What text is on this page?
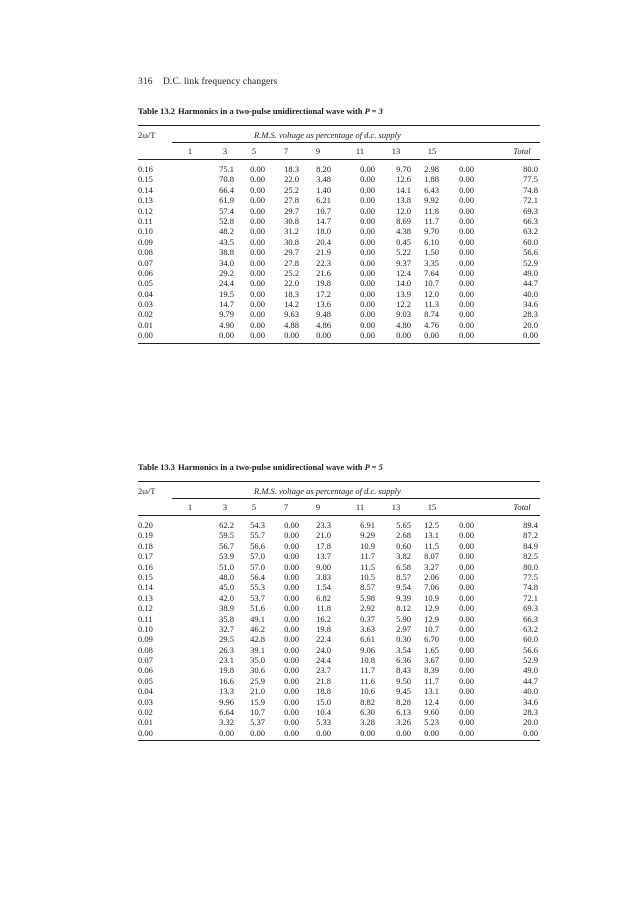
316 D.C. link frequency changers
Table 13.2 Harmonics in a two-pulse unidirectional wave with P = 3
2ω/T	R.M.S. voltage as percentage of d.c. supply
1	3	5	7	9	11	13	15	Total
0.16	75.1 0.00 18.3 8.20	0.00 9.70 2.98 0.00	80.0
0.15	70.8 0.00 22.0 3.48	0.00 12.6 1.88 0.00	77.5
0.14	66.4 0.00 25.2 1.40	0.00 14.1 6.43 0.00	74.8
0.13	61.9 0.00 27.8 6.21	0.00 13.8 9.92 0.00	72.1
0.12	57.4 0.00 29.7 10.7	0.00 12.0 11.8 0.00	69.3
0.11	52.8 0.00 30.8 14.7	0.00 8.69 11.7 0.00	66.3
0.10	48.2 0.00 31.2 18.0	0.00 4.38 9.70 0.00	63.2
0.09	43.5 0.00 30.8 20.4	0.00 0.45 6.10 0.00	60.0
0.08	38.8 0.00 29.7 21.9	0.00 5.22 1.50 0.00	56.6
0.07	34.0 0.00 27.8 22.3	0.00 9.37 3.35 0.00	52.9
0.06	29.2 0.00 25.2 21.6	0.00 12.4 7.64 0.00	49.0
0.05	24.4 0.00 22.0 19.8	0.00 14.0 10.7 0.00	44.7
0.04	19.5 0.00 18.3 17.2	0.00 13.9 12.0 0.00	40.0
0.03	14.7 0.00 14.2 13.6	0.00 12.2 11.3 0.00	34.6
0.02	9.79 0.00 9.63 9.48	0.00 9.03 8.74 0.00	28.3
0.01	4.90 0.00 4.88 4.86	0.00 4.80 4.76 0.00	20.0
0.00	0.00 0.00 0.00 0.00	0.00 0.00 0.00 0.00	0.00
Table 13.3 Harmonics in a two-pulse unidirectional wave with P = 5
2ω/T	R.M.S. voltage as percentage of d.c. supply
1	3	5	7	9	11	13	15	Total
0.20	62.2 54.3 0.00 23.3	6.91 5.65 12.5 0.00	89.4
0.19	59.5 55.7 0.00 21.0	9.29 2.68 13.1 0.00	87.2
0.18	56.7 56.6 0.00 17.8	10.9 0.60 11.5 0.00	84.9
0.17	53.9 57.0 0.00 13.7	11.7 3.82 8.07 0.00	82.5
0.16	51.0 57.0 0.00 9.00	11.5 6.58 3.27 0.00	80.0
0.15	48.0 56.4 0.00 3.83	10.5 8.57 2.06 0.00	77.5
0.14	45.0 55.3 0.00 1.54	8.57 9.54 7.06 0.00	74.8
0.13	42.0 53.7 0.00 6.82	5.98 9.39 10.9 0.00	72.1
0.12	38.9 51.6 0.00 11.8	2.92 8.12 12.9 0.00	69.3
0.11	35.8 49.1 0.00 16.2	0.37 5.90 12.9 0.00	66.3
0.10	32.7 46.2 0.00 19.8	3.63 2.97 10.7 0.00	63.2
0.09	29.5 42.8 0.00 22.4	6.61 0.30 6.70 0.00	60.0
0.08	26.3 39.1 0.00 24.0	9.06 3.54 1.65 0.00	56.6
0.07	23.1 35.0 0.00 24.4	10.8 6.36 3.67 0.00	52.9
0.06	19.8 30.6 0.00 23.7	11.7 8.43 8.39 0.00	49.0
0.05	16.6 25.9 0.00 21.8	11.6 9.50 11.7 0.00	44.7
0.04	13.3 21.0 0.00 18.8	10.6 9.45 13.1 0.00	40.0
0.03	9.96 15.9 0.00 15.0	8.82 8.28 12.4 0.00	34.6
0.02	6.64 10.7 0.00 10.4	6.30 6.13 9.60 0.00	28.3
0.01	3.32 5.37 0.00 5.33	3.28 3.26 5.23 0.00	20.0
0.00	0.00 0.00 0.00 0.00	0.00 0.00 0.00 0.00	0.00
